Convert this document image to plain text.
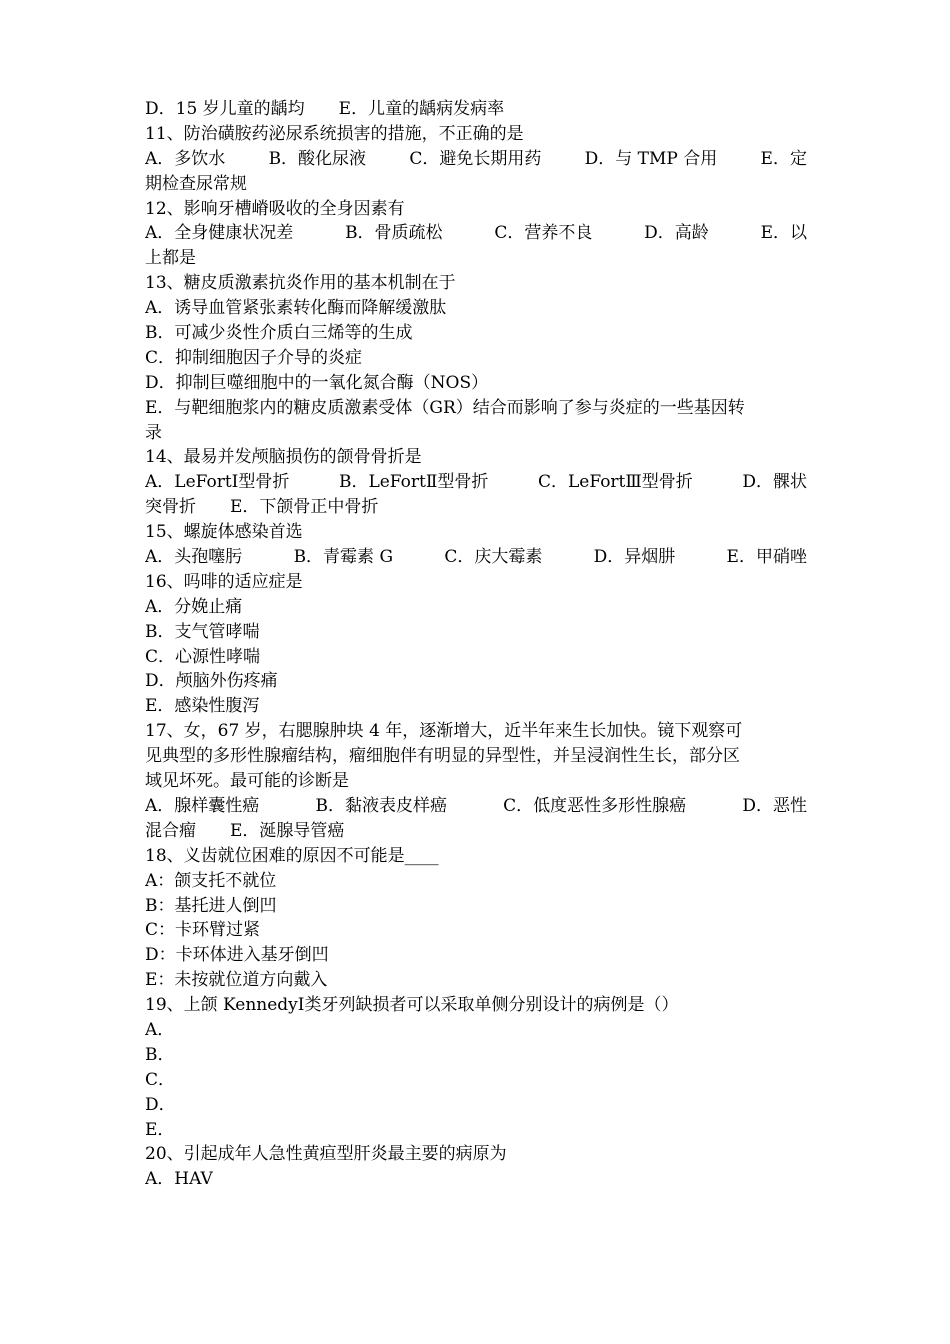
D．15 岁儿童的龋均　　E．儿童的龋病发病率
11、防治磺胺药泌尿系统损害的措施，不正确的是
A．多饮水	B．酸化尿液	C．避免长期用药	D．与 TMP 合用	E．定
期检查尿常规
12、影响牙槽嵴吸收的全身因素有
A．全身健康状况差	B．骨质疏松	C．营养不良	D．高龄	E．以
上都是
13、糖皮质激素抗炎作用的基本机制在于
A．诱导血管紧张素转化酶而降解缓激肽
B．可减少炎性介质白三烯等的生成
C．抑制细胞因子介导的炎症
D．抑制巨噬细胞中的一氧化氮合酶（NOS）
E．与靶细胞浆内的糖皮质激素受体（GR）结合而影响了参与炎症的一些基因转
录
14、最易并发颅脑损伤的颌骨骨折是
A．LeFortⅠ型骨折	B．LeFortⅡ型骨折	C．LeFortⅢ型骨折	D．髁状
突骨折　　E．下颌骨正中骨折
15、螺旋体感染首选
A．头孢噻肟	B．青霉素 G	C．庆大霉素	D．异烟肼	E．甲硝唑
16、吗啡的适应症是
A．分娩止痛
B．支气管哮喘
C．心源性哮喘
D．颅脑外伤疼痛
E．感染性腹泻
17、女，67 岁，右腮腺肿块 4 年，逐渐增大，近半年来生长加快。镜下观察可
见典型的多形性腺瘤结构，瘤细胞伴有明显的异型性，并呈浸润性生长，部分区
域见坏死。最可能的诊断是
A．腺样囊性癌	B．黏液表皮样癌	C．低度恶性多形性腺癌	D．恶性
混合瘤　　E．涎腺导管癌
18、义齿就位困难的原因不可能是____
A：颌支托不就位
B：基托进人倒凹
C：卡环臂过紧
D：卡环体进入基牙倒凹
E：未按就位道方向戴入
19、上颌 KennedyⅠ类牙列缺损者可以采取单侧分别设计的病例是（）
A．
B．
C．
D．
E．
20、引起成年人急性黄疸型肝炎最主要的病原为
A．HAV
